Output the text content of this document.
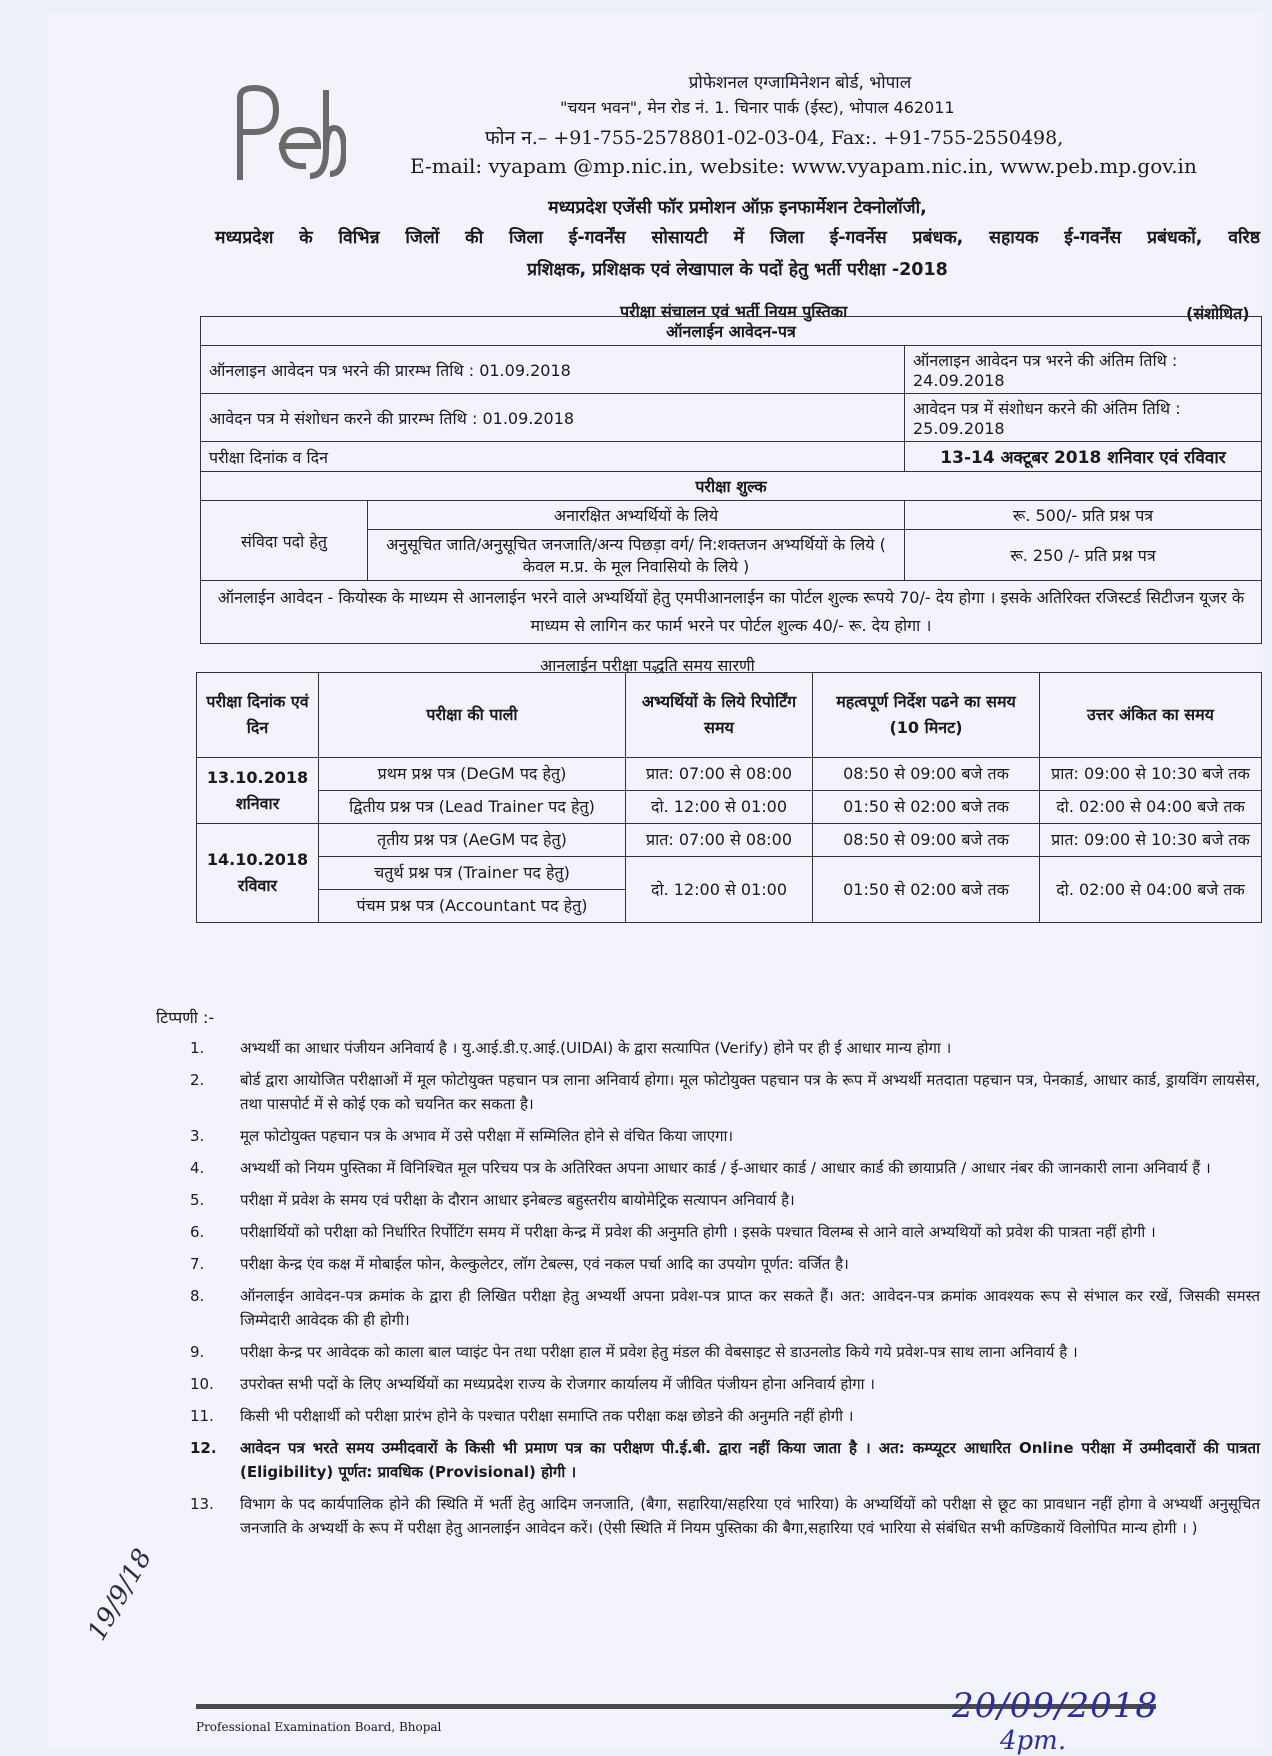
प्रोफेशनल एग्जामिनेशन बोर्ड, भोपाल
"चयन भवन", मेन रोड नं. 1. चिनार पार्क (ईस्ट), भोपाल 462011
फोन न.– +91-755-2578801-02-03-04, Fax:. +91-755-2550498,
E-mail: vyapam @mp.nic.in, website: www.vyapam.nic.in, www.peb.mp.gov.in
मध्यप्रदेश एजेंसी फॉर प्रमोशन ऑफ़ इनफार्मेशन टेक्नोलॉजी,
मध्यप्रदेश के विभिन्न जिलों की जिला ई-गवर्नेंस सोसायटी में जिला ई-गवर्नेस प्रबंधक, सहायक ई-गवर्नेंस प्रबंधकों, वरिष्ठ
प्रशिक्षक, प्रशिक्षक एवं लेखापाल के पदों हेतु भर्ती परीक्षा -2018
परीक्षा संचालन एवं भर्ती नियम पुस्तिका	(संशोधित)
ऑनलाईन आवेदन-पत्र		
ऑनलाइन आवेदन पत्र भरने की प्रारम्भ तिथि : 01.09.2018		ऑनलाइन आवेदन पत्र भरने की अंतिम तिथि : 24.09.2018
आवेदन पत्र मे संशोधन करने की प्रारम्भ तिथि : 01.09.2018		आवेदन पत्र में संशोधन करने की अंतिम तिथि : 25.09.2018
परीक्षा दिनांक व दिन		13-14 अक्टूबर 2018 शनिवार एवं रविवार
परीक्षा शुल्क		
संविदा पदो हेतु	अनारक्षित अभ्यर्थियों के लिये	रू. 500/- प्रति प्रश्न पत्र
	अनुसूचित जाति/अनुसूचित जनजाति/अन्य पिछड़ा वर्ग/ नि:शक्तजन अभ्यर्थियों के लिये ( केवल म.प्र. के मूल निवासियो के लिये )	रू. 250 /- प्रति प्रश्न पत्र
ऑनलाईन आवेदन - कियोस्क के माध्यम से आनलाईन भरने वाले अभ्यर्थियों हेतु एमपीआनलाईन का पोर्टल शुल्क रूपये 70/- देय होगा । इसके अतिरिक्त रजिस्टर्ड सिटीजन यूजर के माध्यम से लागिन कर फार्म भरने पर पोर्टल शुल्क 40/- रू. देय होगा ।		
आनलाईन परीक्षा पद्धति समय सारणी
परीक्षा दिनांक एवं दिन	परीक्षा की पाली	अभ्यर्थियों के लिये रिपोर्टिंग समय	महत्वपूर्ण निर्देश पढने का समय (10 मिनट)	उत्तर अंकित का समय
13.10.2018 शनिवार	प्रथम प्रश्न पत्र (DeGM पद हेतु)	प्रात: 07:00 से 08:00	08:50 से 09:00 बजे तक	प्रात: 09:00 से 10:30 बजे तक
	द्वितीय प्रश्न पत्र (Lead Trainer पद हेतु)	दो. 12:00 से 01:00	01:50 से 02:00 बजे तक	दो. 02:00 से 04:00 बजे तक
14.10.2018 रविवार	तृतीय प्रश्न पत्र (AeGM पद हेतु)	प्रात: 07:00 से 08:00	08:50 से 09:00 बजे तक	प्रात: 09:00 से 10:30 बजे तक
	चतुर्थ प्रश्न पत्र (Trainer पद हेतु)	दो. 12:00 से 01:00	01:50 से 02:00 बजे तक	दो. 02:00 से 04:00 बजे तक
	पंचम प्रश्न पत्र (Accountant पद हेतु)			
टिप्पणी :-
1.	अभ्यर्थी का आधार पंजीयन अनिवार्य है । यु.आई.डी.ए.आई.(UIDAI) के द्वारा सत्यापित (Verify) होने पर ही ई आधार मान्य होगा ।
2.	बोर्ड द्वारा आयोजित परीक्षाओं में मूल फोटोयुक्त पहचान पत्र लाना अनिवार्य होगा। मूल फोटोयुक्त पहचान पत्र के रूप में अभ्यर्थी मतदाता पहचान पत्र, पेनकार्ड, आधार कार्ड, ड्रायविंग लायसेस, तथा पासपोर्ट में से कोई एक को चयनित कर सकता है।
3.	मूल फोटोयुक्त पहचान पत्र के अभाव में उसे परीक्षा में सम्मिलित होने से वंचित किया जाएगा।
4.	अभ्यर्थी को नियम पुस्तिका में विनिश्चित मूल परिचय पत्र के अतिरिक्त अपना आधार कार्ड / ई-आधार कार्ड / आधार कार्ड की छायाप्रति / आधार नंबर की जानकारी लाना अनिवार्य हैं ।
5.	परीक्षा में प्रवेश के समय एवं परीक्षा के दौरान आधार इनेबल्ड बहुस्तरीय बायोमेट्रिक सत्यापन अनिवार्य है।
6.	परीक्षार्थियों को परीक्षा को निर्धारित रिर्पोटिंग समय में परीक्षा केन्द्र में प्रवेश की अनुमति होगी । इसके पश्चात विलम्ब से आने वाले अभ्यथियों को प्रवेश की पात्रता नहीं होगी ।
7.	परीक्षा केन्द्र एंव कक्ष में मोबाईल फोन, केल्कुलेटर, लॉग टेबल्स, एवं नकल पर्चा आदि का उपयोग पूर्णत: वर्जित है।
8.	ऑनलाईन आवेदन-पत्र क्रमांक के द्वारा ही लिखित परीक्षा हेतु अभ्यर्थी अपना प्रवेश-पत्र प्राप्त कर सकते हैं। अत: आवेदन-पत्र क्रमांक आवश्यक रूप से संभाल कर रखें, जिसकी समस्त जिम्मेदारी आवेदक की ही होगी।
9.	परीक्षा केन्द्र पर आवेदक को काला बाल प्वाइंट पेन तथा परीक्षा हाल में प्रवेश हेतु मंडल की वेबसाइट से डाउनलोड किये गये प्रवेश-पत्र साथ लाना अनिवार्य है ।
10.	उपरोक्त सभी पदों के लिए अभ्यर्थियों का मध्यप्रदेश राज्य के रोजगार कार्यालय में जीवित पंजीयन होना अनिवार्य होगा ।
11.	किसी भी परीक्षार्थी को परीक्षा प्रारंभ होने के पश्चात परीक्षा समाप्ति तक परीक्षा कक्ष छोडने की अनुमति नहीं होगी ।
12.	आवेदन पत्र भरते समय उम्मीदवारों के किसी भी प्रमाण पत्र का परीक्षण पी.ई.बी. द्वारा नहीं किया जाता है । अत: कम्प्यूटर आधारित Online परीक्षा में उम्मीदवारों की पात्रता (Eligibility) पूर्णत: प्रावधिक (Provisional) होगी ।
13.	विभाग के पद कार्यपालिक होने की स्थिति में भर्ती हेतु आदिम जनजाति, (बैगा, सहारिया/सहरिया एवं भारिया) के अभ्यर्थियों को परीक्षा से छूट का प्रावधान नहीं होगा वे अभ्यर्थी अनुसूचित जनजाति के अभ्यर्थी के रूप में परीक्षा हेतु आनलाईन आवेदन करें। (ऐसी स्थिति में नियम पुस्तिका की बैगा,सहारिया एवं भारिया से संबंधित सभी कण्डिकायें विलोपित मान्य होगी । )
19/9/18
Professional Examination Board, Bhopal
20/09/2018
4pm.
